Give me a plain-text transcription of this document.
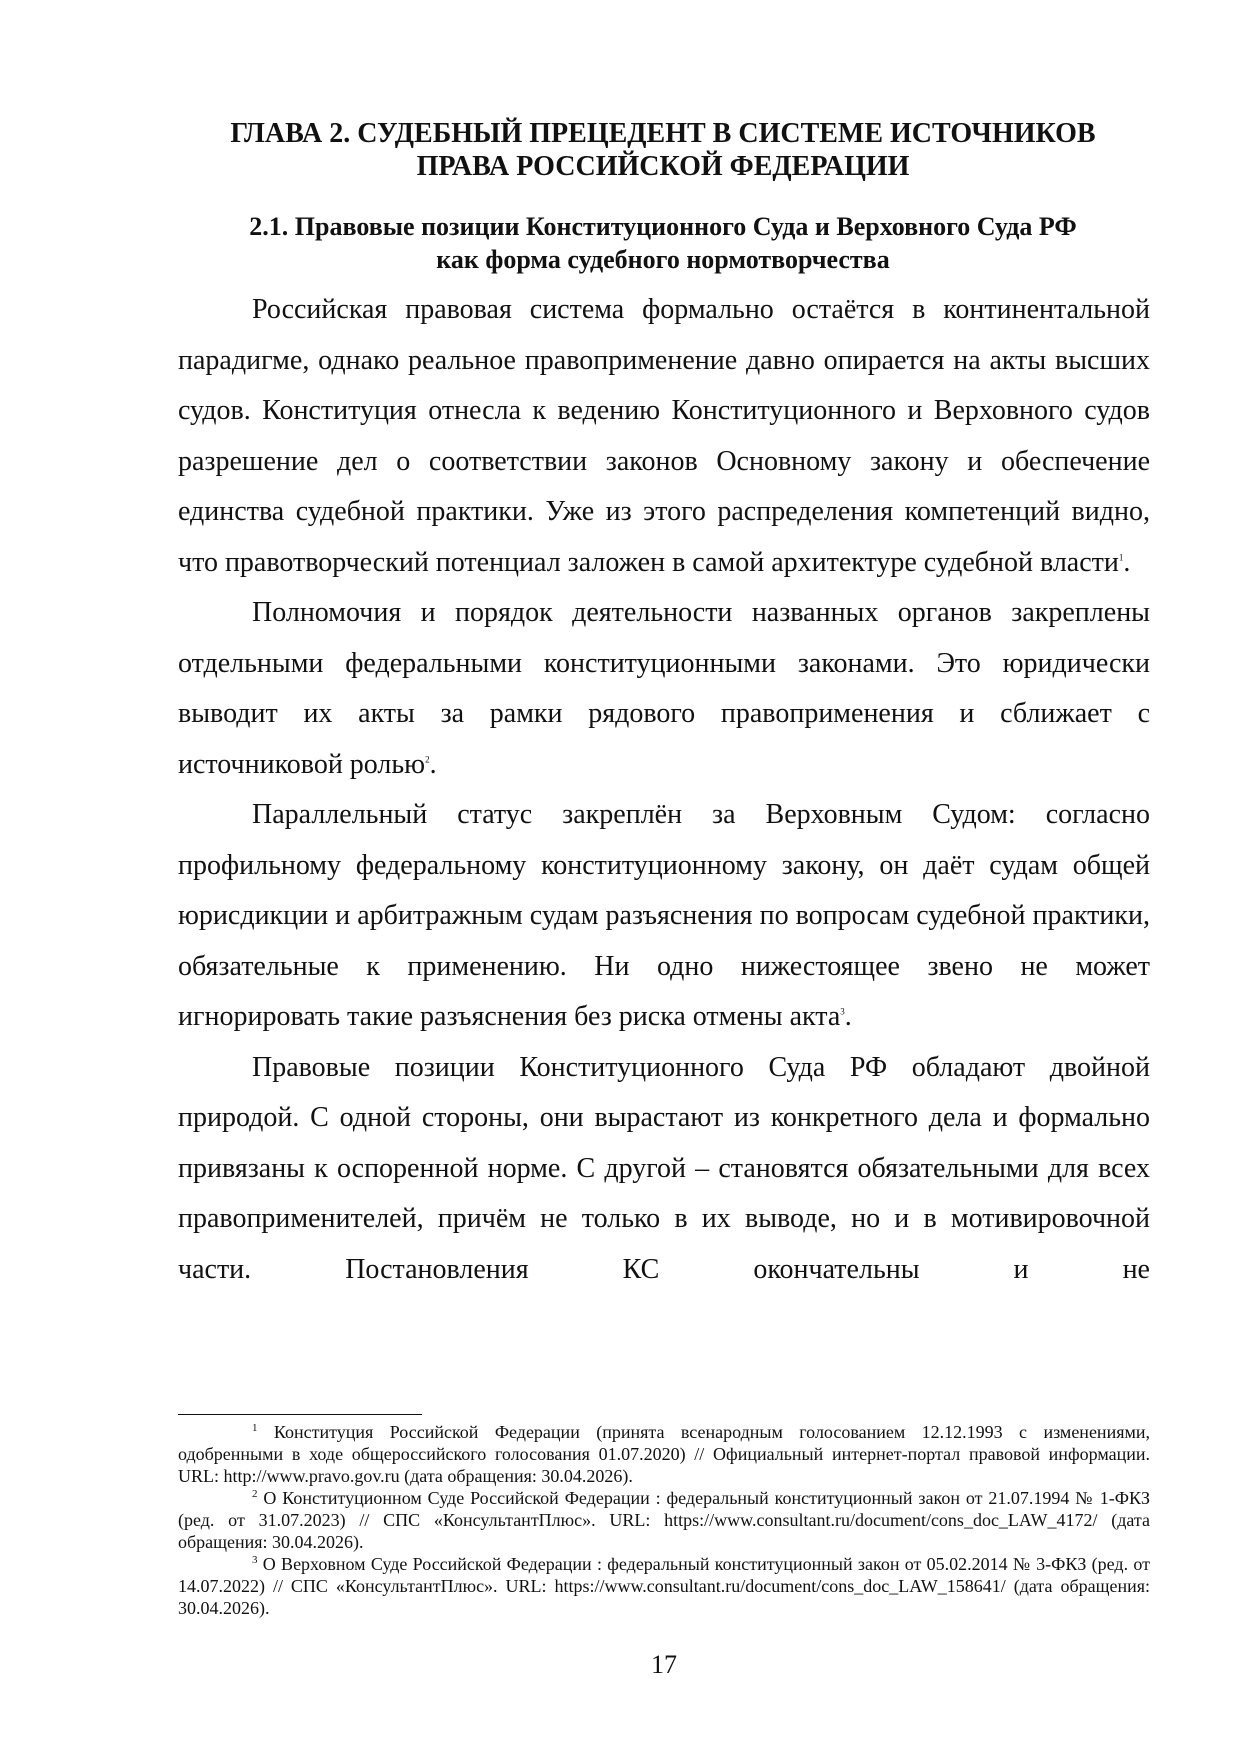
ГЛАВА 2. СУДЕБНЫЙ ПРЕЦЕДЕНТ В СИСТЕМЕ ИСТОЧНИКОВ
ПРАВА РОССИЙСКОЙ ФЕДЕРАЦИИ
2.1. Правовые позиции Конституционного Суда и Верховного Суда РФ
как форма судебного нормотворчества

Российская правовая система формально остаётся в континентальной парадигме, однако реальное правоприменение давно опирается на акты высших судов. Конституция отнесла к ведению Конституционного и Верховного судов разрешение дел о соответствии законов Основному закону и обеспечение единства судебной практики. Уже из этого распределения компетенций видно, что правотворческий потенциал заложен в самой архитектуре судебной власти$^1$.

Полномочия и порядок деятельности названных органов закреплены отдельными федеральными конституционными законами. Это юридически выводит их акты за рамки рядового правоприменения и сближает с источниковой ролью$^2$.

Параллельный статус закреплён за Верховным Судом: согласно профильному федеральному конституционному закону, он даёт судам общей юрисдикции и арбитражным судам разъяснения по вопросам судебной практики, обязательные к применению. Ни одно нижестоящее звено не может игнорировать такие разъяснения без риска отмены акта$^3$.

Правовые позиции Конституционного Суда РФ обладают двойной природой. С одной стороны, они вырастают из конкретного дела и формально привязаны к оспоренной норме. С другой – становятся обязательными для всех правоприменителей, причём не только в их выводе, но и в мотивировочной части. Постановления КС окончательны и не

$^1$ Конституция Российской Федерации (принята всенародным голосованием 12.12.1993 с изменениями, одобренными в ходе общероссийского голосования 01.07.2020) // Официальный интернет-портал правовой информации. URL: http://www.pravo.gov.ru (дата обращения: 30.04.2026).

$^2$ О Конституционном Суде Российской Федерации : федеральный конституционный закон от 21.07.1994 № 1-ФКЗ (ред. от 31.07.2023) // СПС «КонсультантПлюс». URL: https://www.consultant.ru/document/cons_doc_LAW_4172/ (дата обращения: 30.04.2026).

$^3$ О Верховном Суде Российской Федерации : федеральный конституционный закон от 05.02.2014 № 3-ФКЗ (ред. от 14.07.2022) // СПС «КонсультантПлюс». URL: https://www.consultant.ru/document/cons_doc_LAW_158641/ (дата обращения: 30.04.2026).

17
